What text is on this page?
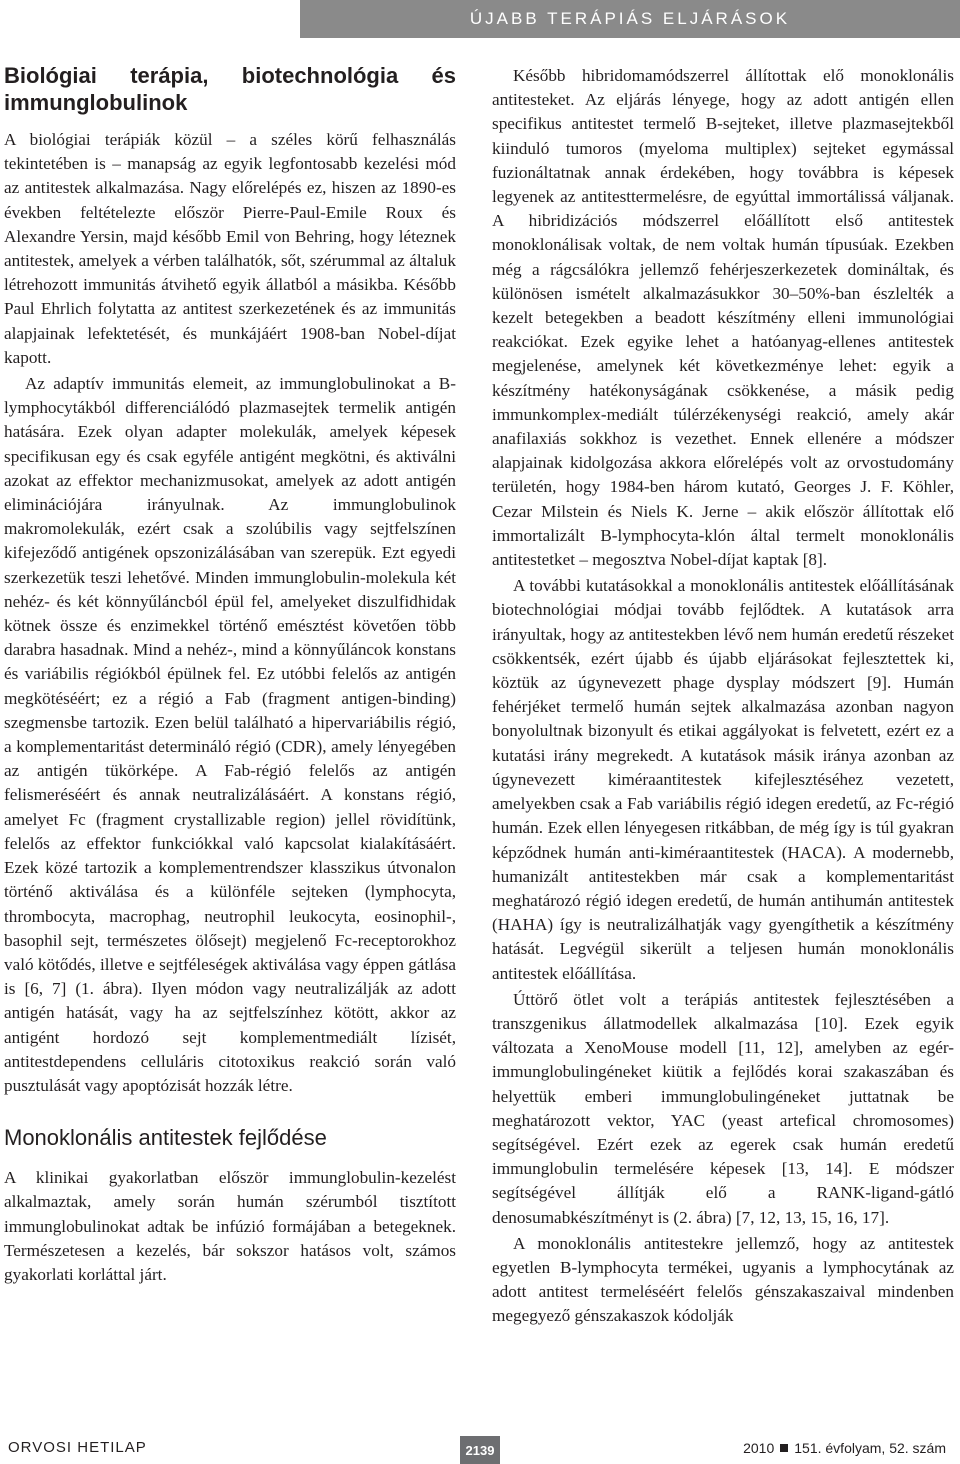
ÚJABB TERÁPIÁS ELJÁRÁSOK
Biológiai terápia, biotechnológia és immunglobulinok

A biológiai terápiák közül – a széles körű felhasználás tekintetében is – manapság az egyik legfontosabb kezelési mód az antitestek alkalmazása. Nagy előrelépés ez, hiszen az 1890-es években feltételezte először Pierre-Paul-Emile Roux és Alexandre Yersin, majd később Emil von Behring, hogy léteznek antitestek, amelyek a vérben találhatók, sőt, szérummal az általuk létrehozott immunitás átvihető egyik állatból a másikba. Később Paul Ehrlich folytatta az antitest szerkezetének és az immunitás alapjainak lefektetését, és munkájáért 1908-ban Nobel-díjat kapott.

Az adaptív immunitás elemeit, az immunglobulinokat a B-lymphocytákból differenciálódó plazmasejtek termelik antigén hatására. Ezek olyan adapter molekulák, amelyek képesek specifikusan egy és csak egyféle antigént megkötni, és aktiválni azokat az effektor mechanizmusokat, amelyek az adott antigén eliminációjára irányulnak. Az immunglobulinok makromolekulák, ezért csak a szolúbilis vagy sejtfelszínen kifejeződő antigének opszonizálásában van szerepük. Ezt egyedi szerkezetük teszi lehetővé. Minden immunglobulin-molekula két nehéz- és két könnyűláncból épül fel, amelyeket diszulfidhidak kötnek össze és enzimekkel történő emésztést követően több darabra hasadnak. Mind a nehéz-, mind a könnyűláncok konstans és variábilis régiókból épülnek fel. Ez utóbbi felelős az antigén megkötéséért; ez a régió a Fab (fragment antigen-binding) szegmensbe tartozik. Ezen belül található a hipervariábilis régió, a komplementaritást determináló régió (CDR), amely lényegében az antigén tükörképe. A Fab-régió felelős az antigén felismeréséért és annak neutralizálásáért. A konstans régió, amelyet Fc (fragment crystallizable region) jellel rövidítünk, felelős az effektor funkciókkal való kapcsolat kialakításáért. Ezek közé tartozik a komplementrendszer klasszikus útvonalon történő aktiválása és a különféle sejteken (lymphocyta, thrombocyta, macrophag, neutrophil leukocyta, eosinophil-, basophil sejt, természetes ölősejt) megjelenő Fc-receptorokhoz való kötődés, illetve e sejtféleségek aktiválása vagy éppen gátlása is [6, 7] (1. ábra). Ilyen módon vagy neutralizálják az adott antigén hatását, vagy ha az sejtfelszínhez kötött, akkor az antigént hordozó sejt komplementmediált lízisét, antitestdependens celluláris citotoxikus reakció során való pusztulását vagy apoptózisát hozzák létre.

Monoklonális antitestek fejlődése

A klinikai gyakorlatban először immunglobulin-kezelést alkalmaztak, amely során humán szérumból tisztított immunglobulinokat adtak be infúzió formájában a betegeknek. Természetesen a kezelés, bár sokszor hatásos volt, számos gyakorlati korláttal járt.

Később hibridomamódszerrel állítottak elő monoklonális antitesteket. Az eljárás lényege, hogy az adott antigén ellen specifikus antitestet termelő B-sejteket, illetve plazmasejtekből kiinduló tumoros (myeloma multiplex) sejteket egymással fuzionáltatnak annak érdekében, hogy továbbra is képesek legyenek az antitesttermelésre, de egyúttal immortálissá váljanak. A hibridizációs módszerrel előállított első antitestek monoklonálisak voltak, de nem voltak humán típusúak. Ezekben még a rágcsálókra jellemző fehérjeszerkezetek domináltak, és különösen ismételt alkalmazásukkor 30–50%-ban észlelték a kezelt betegekben a beadott készítmény elleni immunológiai reakciókat. Ezek egyike lehet a hatóanyag-ellenes antitestek megjelenése, amelynek két következménye lehet: egyik a készítmény hatékonyságának csökkenése, a másik pedig immunkomplex-mediált túlérzékenységi reakció, amely akár anafilaxiás sokkhoz is vezethet. Ennek ellenére a módszer alapjainak kidolgozása akkora előrelépés volt az orvostudomány területén, hogy 1984-ben három kutató, Georges J. F. Köhler, Cezar Milstein és Niels K. Jerne – akik először állítottak elő immortalizált B-lymphocyta-klón által termelt monoklonális antitestetket – megosztva Nobel-díjat kaptak [8].

A további kutatásokkal a monoklonális antitestek előállításának biotechnológiai módjai tovább fejlődtek. A kutatások arra irányultak, hogy az antitestekben lévő nem humán eredetű részeket csökkentsék, ezért újabb és újabb eljárásokat fejlesztettek ki, köztük az úgynevezett phage dysplay módszert [9]. Humán fehérjéket termelő humán sejtek alkalmazása azonban nagyon bonyolultnak bizonyult és etikai aggályokat is felvetett, ezért ez a kutatási irány megrekedt. A kutatások másik iránya azonban az úgynevezett kiméraantitestek kifejlesztéséhez vezetett, amelyekben csak a Fab variábilis régió idegen eredetű, az Fc-régió humán. Ezek ellen lényegesen ritkábban, de még így is túl gyakran képződnek humán anti-kiméraantitestek (HACA). A modernebb, humanizált antitestekben már csak a komplementaritást meghatározó régió idegen eredetű, de humán antihumán antitestek (HAHA) így is neutralizálhatják vagy gyengíthetik a készítmény hatását. Legvégül sikerült a teljesen humán monoklonális antitestek előállítása.

Úttörő ötlet volt a terápiás antitestek fejlesztésében a transzgenikus állatmodellek alkalmazása [10]. Ezek egyik változata a XenoMouse modell [11, 12], amelyben az egér-immunglobulingéneket kiütik a fejlődés korai szakaszában és helyettük emberi immunglobulingéneket juttatnak be meghatározott vektor, YAC (yeast artefical chromosomes) segítségével. Ezért ezek az egerek csak humán eredetű immunglobulin termelésére képesek [13, 14]. E módszer segítségével állítják elő a RANK-ligand-gátló denosumabkészítményt is (2. ábra) [7, 12, 13, 15, 16, 17].

A monoklonális antitestekre jellemző, hogy az antitestek egyetlen B-lymphocyta termékei, ugyanis a lymphocytának az adott antitest termeléséért felelős génszakaszaival mindenben megegyező génszakaszok kódolják

ORVOSI HETILAP	2139	2010 151. évfolyam, 52. szám
